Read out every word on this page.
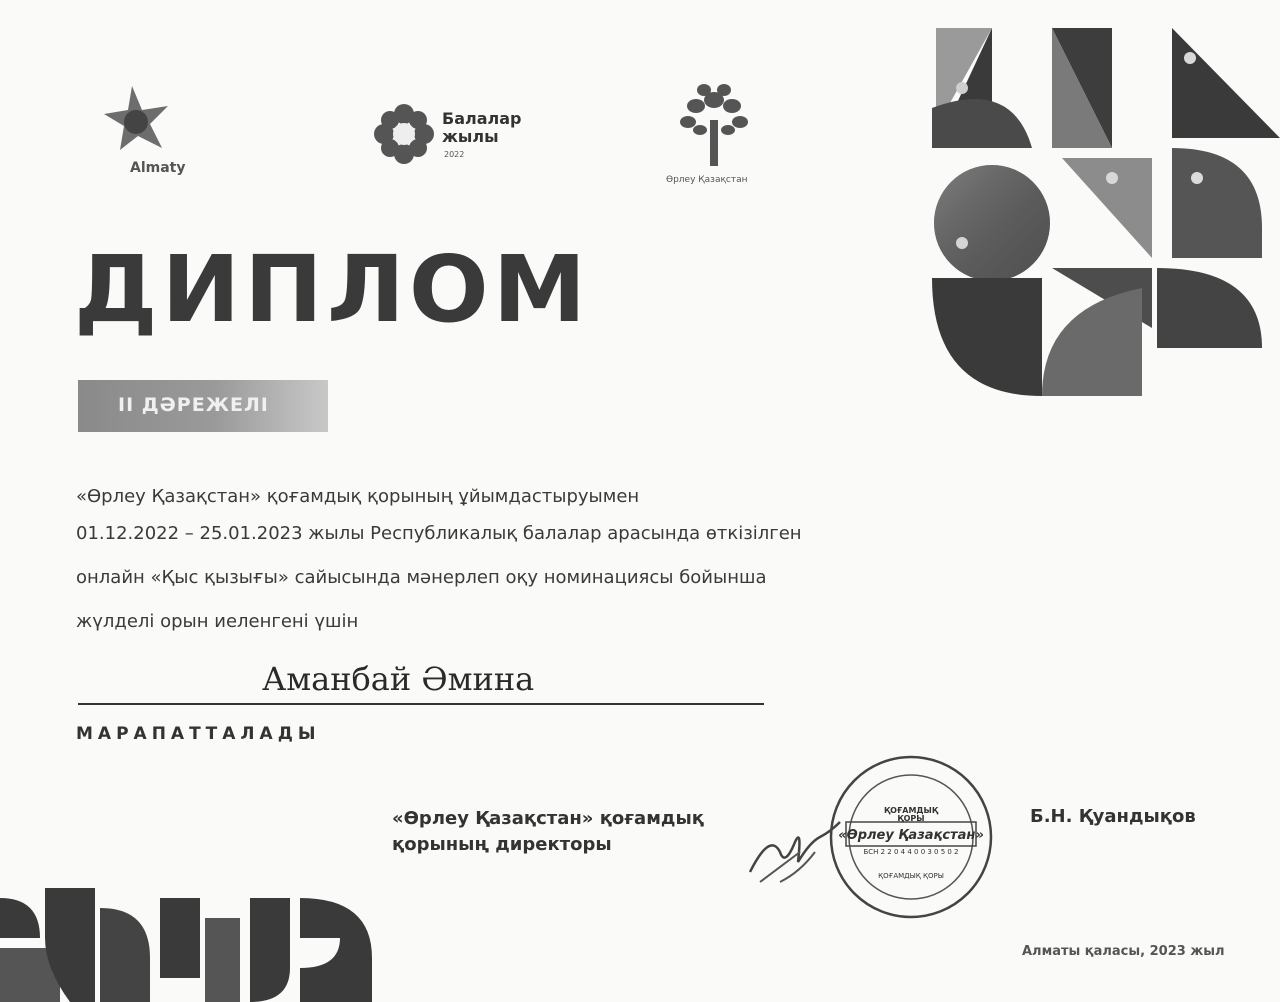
Almaty
Балалар
жылы
2022
Өрлеу Қазақстан
ДИПЛОМ
II ДӘРЕЖЕЛІ

«Өрлеу Қазақстан» қоғамдық қорының ұйымдастыруымен

01.12.2022 – 25.01.2023 жылы Республикалық балалар арасында өткізілген

онлайн «Қыс қызығы» сайысында мәнерлеп оқу номинациясы бойынша

жүлделі орын иеленгені үшін

Аманбай Әмина
МАРАПАТТАЛАДЫ
«Өрлеу Қазақстан» қоғамдық
қорының директоры
ҚОҒАМДЫҚ
ҚОРЫ
«Өрлеу Қазақстан»
БСН 2 2 0 4 4 0 0 3 0 5 0 2
ҚОҒАМДЫҚ ҚОРЫ
Б.Н. Қуандықов
Алматы қаласы, 2023 жыл
